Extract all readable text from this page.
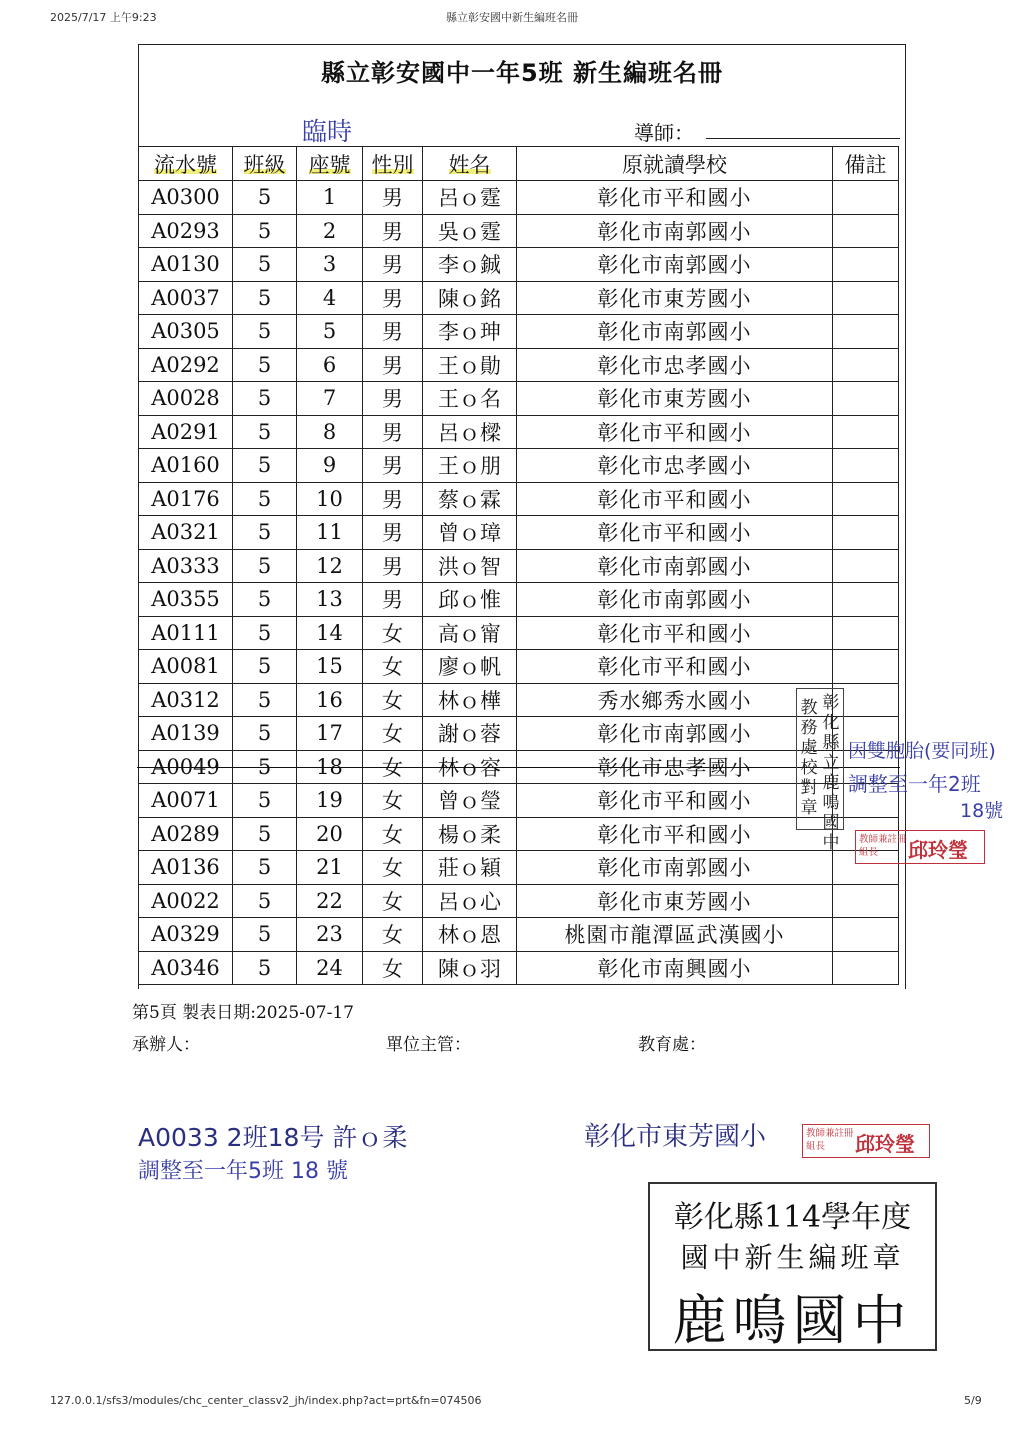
2025/7/17 上午9:23	縣立彰安國中新生編班名冊
縣立彰安國中一年5班 新生編班名冊
臨時	導師：
流水號	班級	座號	性別	姓名	原就讀學校	備註
A0300	5	1	男	呂ｏ霆	彰化市平和國小	
A0293	5	2	男	吳ｏ霆	彰化市南郭國小	
A0130	5	3	男	李ｏ鋮	彰化市南郭國小	
A0037	5	4	男	陳ｏ銘	彰化市東芳國小	
A0305	5	5	男	李ｏ珅	彰化市南郭國小	
A0292	5	6	男	王ｏ勛	彰化市忠孝國小	
A0028	5	7	男	王ｏ名	彰化市東芳國小	
A0291	5	8	男	呂ｏ樑	彰化市平和國小	
A0160	5	9	男	王ｏ朋	彰化市忠孝國小	
A0176	5	10	男	蔡ｏ霖	彰化市平和國小	
A0321	5	11	男	曾ｏ璋	彰化市平和國小	
A0333	5	12	男	洪ｏ智	彰化市南郭國小	
A0355	5	13	男	邱ｏ惟	彰化市南郭國小	
A0111	5	14	女	高ｏ甯	彰化市平和國小	
A0081	5	15	女	廖ｏ帆	彰化市平和國小	
A0312	5	16	女	林ｏ樺	秀水鄉秀水國小	
A0139	5	17	女	謝ｏ蓉	彰化市南郭國小	
A0049	5	18	女	林ｏ容	彰化市忠孝國小	
A0071	5	19	女	曾ｏ瑩	彰化市平和國小	
A0289	5	20	女	楊ｏ柔	彰化市平和國小	
A0136	5	21	女	莊ｏ穎	彰化市南郭國小	
A0022	5	22	女	呂ｏ心	彰化市東芳國小	
A0329	5	23	女	林ｏ恩	桃園市龍潭區武漢國小	
A0346	5	24	女	陳ｏ羽	彰化市南興國小	
彰
化
縣
立
鹿
鳴
國
中
教
務
處
校
對
章
因雙胞胎(要同班)
調整至一年2班
18號
教師兼註冊組長	邱玲瑩
第5頁 製表日期:2025-07-17
承辦人：	單位主管：	教育處：
A0033 2班18号 許ｏ柔	彰化市東芳國小
調整至一年5班 18 號
教師兼註冊組長	邱玲瑩
彰化縣114學年度
國中新生編班章
鹿鳴國中
127.0.0.1/sfs3/modules/chc_center_classv2_jh/index.php?act=prt&fn=074506	5/9
